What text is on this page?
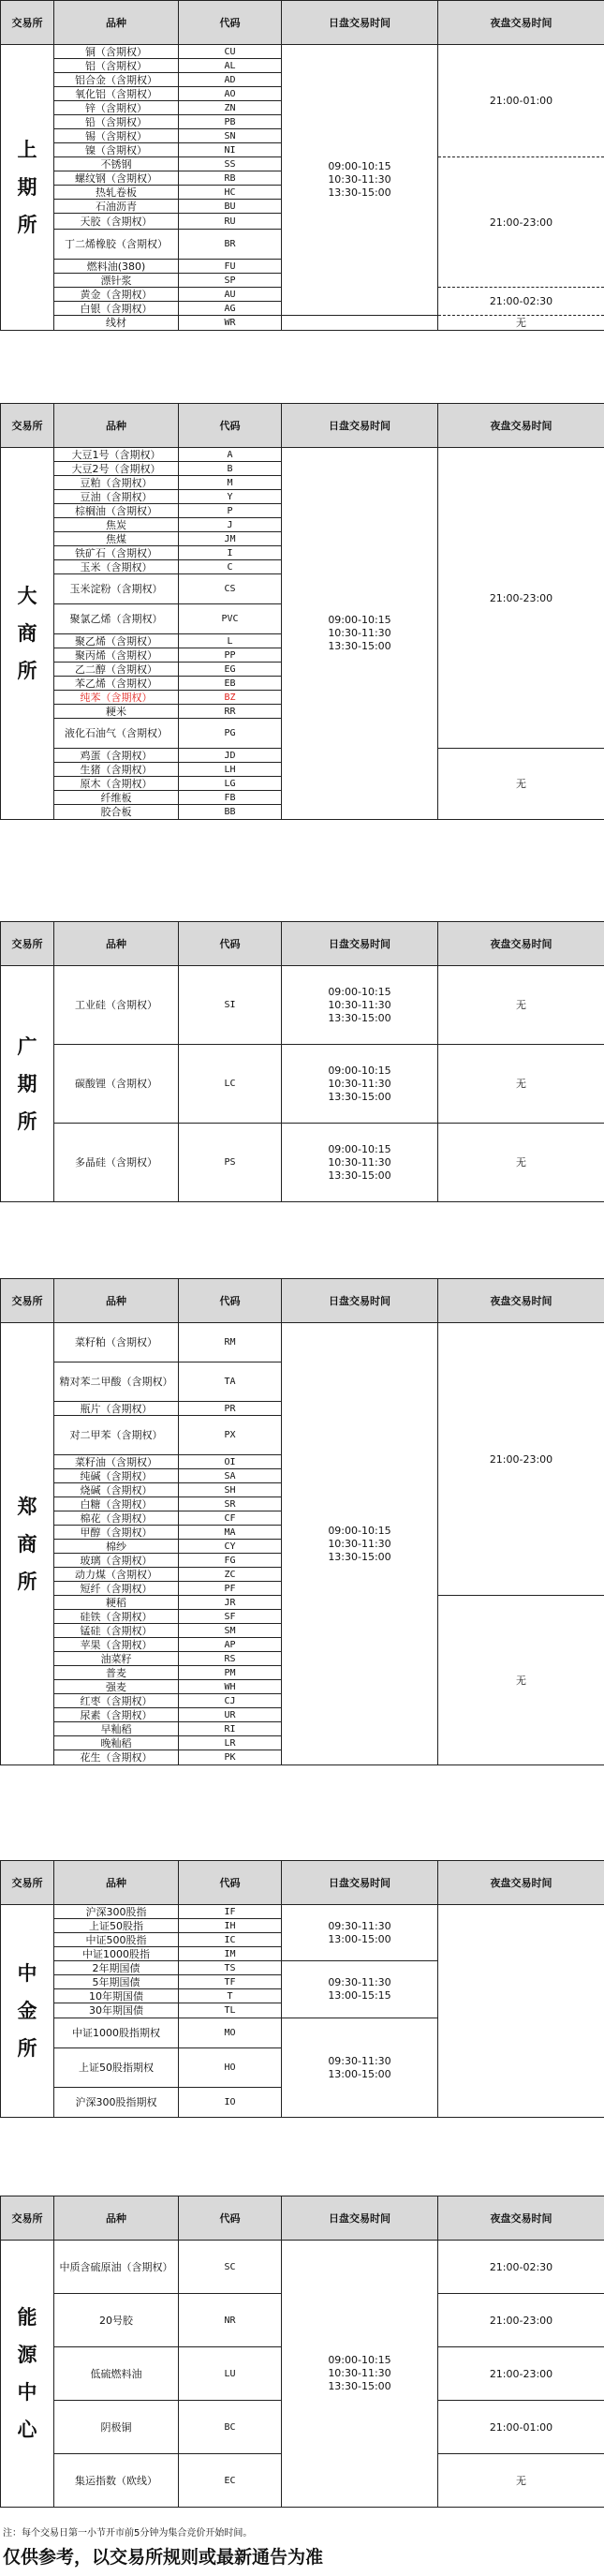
交易所	品种	代码	日盘交易时间	夜盘交易时间

上
期
所	铜（含期权）	CU	09:00-10:15
10:30-11:30
13:30-15:00	21:00-01:00
	铝（含期权）	AL		
	铝合金（含期权）	AD		
	氧化铝（含期权）	AO		
	锌（含期权）	ZN		
	铅（含期权）	PB		
	锡（含期权）	SN		
	镍（含期权）	NI		
	不锈钢	SS		21:00-23:00
	螺纹钢（含期权）	RB		
	热轧卷板	HC		
	石油沥青	BU		
	天胶（含期权）	RU		
	丁二烯橡胶（含期权）	BR		
	燃料油(380)	FU		
	漂针浆	SP		
	黄金（含期权）	AU		21:00-02:30
	白银（含期权）	AG		
	线材	WR		无
交易所	品种	代码	日盘交易时间	夜盘交易时间

大
商
所	大豆1号（含期权）	A	09:00-10:15
10:30-11:30
13:30-15:00	21:00-23:00
	大豆2号（含期权）	B		
	豆粕（含期权）	M		
	豆油（含期权）	Y		
	棕榈油（含期权）	P		
	焦炭	J		
	焦煤	JM		
	铁矿石（含期权）	I		
	玉米（含期权）	C		
	玉米淀粉（含期权）	CS		
	聚氯乙烯（含期权）	PVC		
	聚乙烯（含期权）	L		
	聚丙烯（含期权）	PP		
	乙二醇（含期权）	EG		
	苯乙烯（含期权）	EB		
	纯苯（含期权）	BZ		
	粳米	RR		
	液化石油气（含期权）	PG		
	鸡蛋（含期权）	JD		无
	生猪（含期权）	LH		
	原木（含期权）	LG		
	纤维板	FB		
	胶合板	BB		
交易所	品种	代码	日盘交易时间	夜盘交易时间

广
期
所	工业硅（含期权）	SI	09:00-10:15
10:30-11:30
13:30-15:00	无
	碳酸锂（含期权）	LC	09:00-10:15
10:30-11:30
13:30-15:00	无
	多晶硅（含期权）	PS	09:00-10:15
10:30-11:30
13:30-15:00	无
交易所	品种	代码	日盘交易时间	夜盘交易时间

郑
商
所	菜籽粕（含期权）	RM	09:00-10:15
10:30-11:30
13:30-15:00	21:00-23:00
	精对苯二甲酸（含期权）	TA		
	瓶片（含期权）	PR		
	对二甲苯（含期权）	PX		
	菜籽油（含期权）	OI		
	纯碱（含期权）	SA		
	烧碱（含期权）	SH		
	白糖（含期权）	SR		
	棉花（含期权）	CF		
	甲醇（含期权）	MA		
	棉纱	CY		
	玻璃（含期权）	FG		
	动力煤（含期权）	ZC		
	短纤（含期权）	PF		
	粳稻	JR		无
	硅铁（含期权）	SF		
	锰硅（含期权）	SM		
	苹果（含期权）	AP		
	油菜籽	RS		
	普麦	PM		
	强麦	WH		
	红枣（含期权）	CJ		
	尿素（含期权）	UR		
	早籼稻	RI		
	晚籼稻	LR		
	花生（含期权）	PK		
交易所	品种	代码	日盘交易时间	夜盘交易时间

中
金
所	沪深300股指	IF	09:30-11:30
13:00-15:00	
	上证50股指	IH		
	中证500股指	IC		
	中证1000股指	IM		
	2年期国债	TS	09:30-11:30
13:00-15:15	
	5年期国债	TF		
	10年期国债	T		
	30年期国债	TL		
	中证1000股指期权	MO	09:30-11:30
13:00-15:00	
	上证50股指期权	HO		
	沪深300股指期权	IO		
交易所	品种	代码	日盘交易时间	夜盘交易时间

能
源
中
心	中质含硫原油（含期权）	SC	09:00-10:15
10:30-11:30
13:30-15:00	21:00-02:30
	20号胶	NR		21:00-23:00
	低硫燃料油	LU		21:00-23:00
	阴极铜	BC		21:00-01:00
	集运指数（欧线）	EC		无
注：每个交易日第一小节开市前5分钟为集合竞价开始时间。
仅供参考，以交易所规则或最新通告为准
